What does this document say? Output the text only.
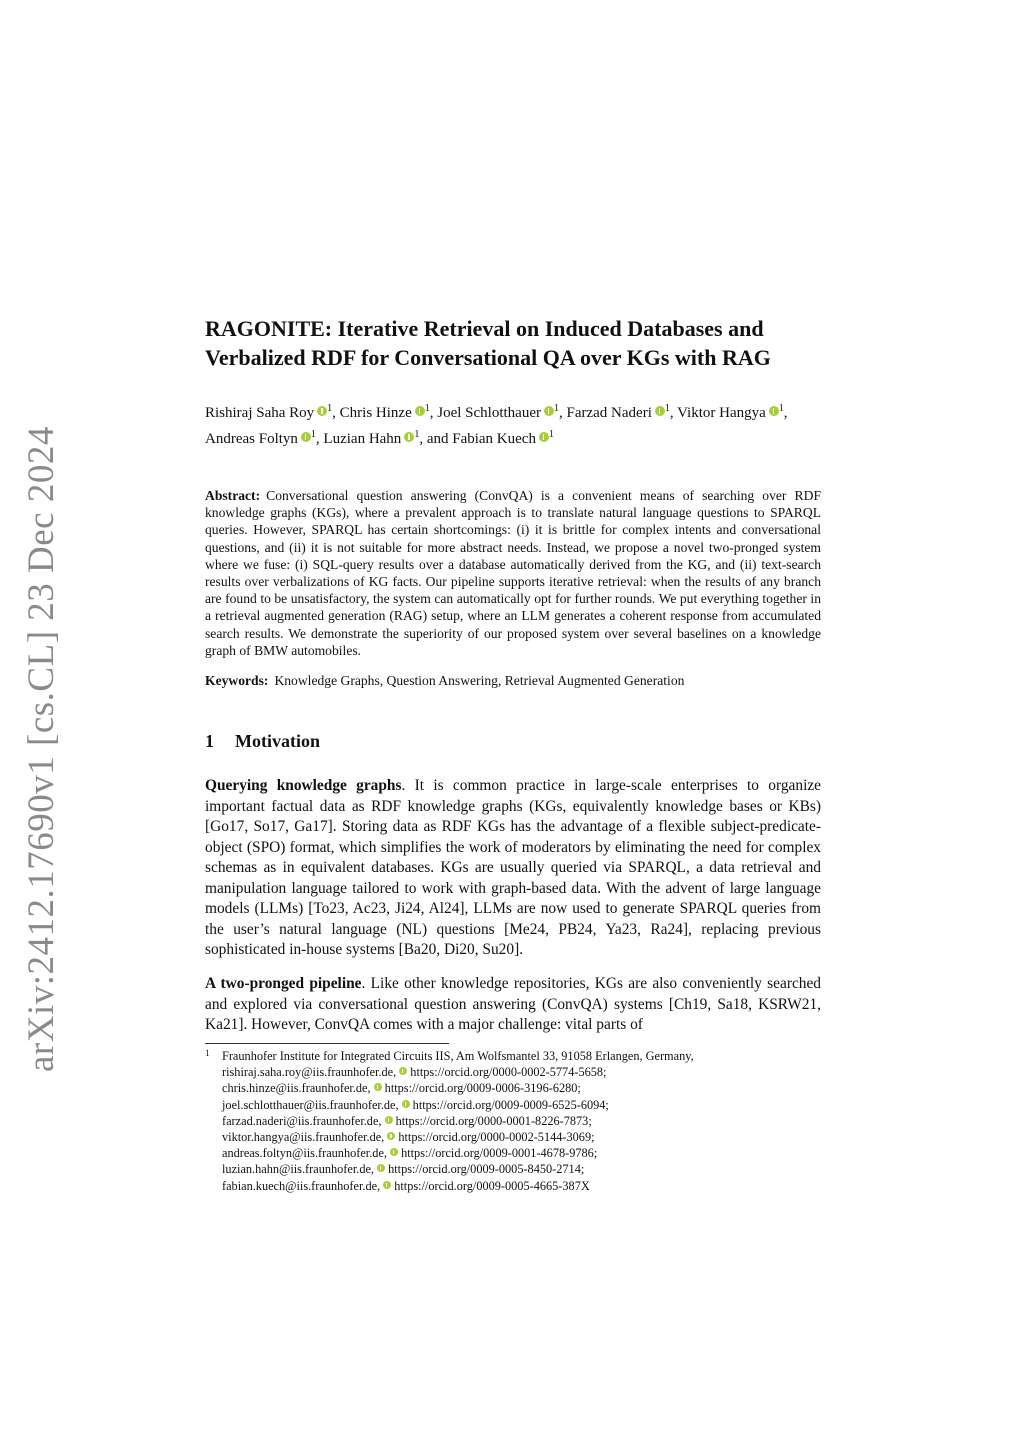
arXiv:2412.17690v1 [cs.CL] 23 Dec 2024
RAGONITE: Iterative Retrieval on Induced Databases and
Verbalized RDF for Conversational QA over KGs with RAG
Rishiraj Saha Roy $^1$, Chris Hinze $^1$, Joel Schlotthauer $^1$, Farzad Naderi $^1$, Viktor Hangya $^1$, Andreas Foltyn $^1$, Luzian Hahn $^1$, and Fabian Kuech $^1$

Abstract: Conversational question answering (ConvQA) is a convenient means of searching over RDF knowledge graphs (KGs), where a prevalent approach is to translate natural language questions to SPARQL queries. However, SPARQL has certain shortcomings: (i) it is brittle for complex intents and conversational questions, and (ii) it is not suitable for more abstract needs. Instead, we propose a novel two-pronged system where we fuse: (i) SQL-query results over a database automatically derived from the KG, and (ii) text-search results over verbalizations of KG facts. Our pipeline supports iterative retrieval: when the results of any branch are found to be unsatisfactory, the system can automatically opt for further rounds. We put everything together in a retrieval augmented generation (RAG) setup, where an LLM generates a coherent response from accumulated search results. We demonstrate the superiority of our proposed system over several baselines on a knowledge graph of BMW automobiles.

Keywords: Knowledge Graphs, Question Answering, Retrieval Augmented Generation

1 Motivation

Querying knowledge graphs. It is common practice in large-scale enterprises to organize important factual data as RDF knowledge graphs (KGs, equivalently knowledge bases or KBs) [Go17, So17, Ga17]. Storing data as RDF KGs has the advantage of a flexible subject-predicate-object (SPO) format, which simplifies the work of moderators by eliminating the need for complex schemas as in equivalent databases. KGs are usually queried via SPARQL, a data retrieval and manipulation language tailored to work with graph-based data. With the advent of large language models (LLMs) [To23, Ac23, Ji24, Al24], LLMs are now used to generate SPARQL queries from the user’s natural language (NL) questions [Me24, PB24, Ya23, Ra24], replacing previous sophisticated in-house systems [Ba20, Di20, Su20].

A two-pronged pipeline. Like other knowledge repositories, KGs are also conveniently searched and explored via conversational question answering (ConvQA) systems [Ch19, Sa18, KSRW21, Ka21]. However, ConvQA comes with a major challenge: vital parts of

1 Fraunhofer Institute for Integrated Circuits IIS, Am Wolfsmantel 33, 91058 Erlangen, Germany,
rishiraj.saha.roy@iis.fraunhofer.de, https://orcid.org/0000-0002-5774-5658;
chris.hinze@iis.fraunhofer.de, https://orcid.org/0009-0006-3196-6280;
joel.schlotthauer@iis.fraunhofer.de, https://orcid.org/0009-0009-6525-6094;
farzad.naderi@iis.fraunhofer.de, https://orcid.org/0000-0001-8226-7873;
viktor.hangya@iis.fraunhofer.de, https://orcid.org/0000-0002-5144-3069;
andreas.foltyn@iis.fraunhofer.de, https://orcid.org/0009-0001-4678-9786;
luzian.hahn@iis.fraunhofer.de, https://orcid.org/0009-0005-8450-2714;
fabian.kuech@iis.fraunhofer.de, https://orcid.org/0009-0005-4665-387X
